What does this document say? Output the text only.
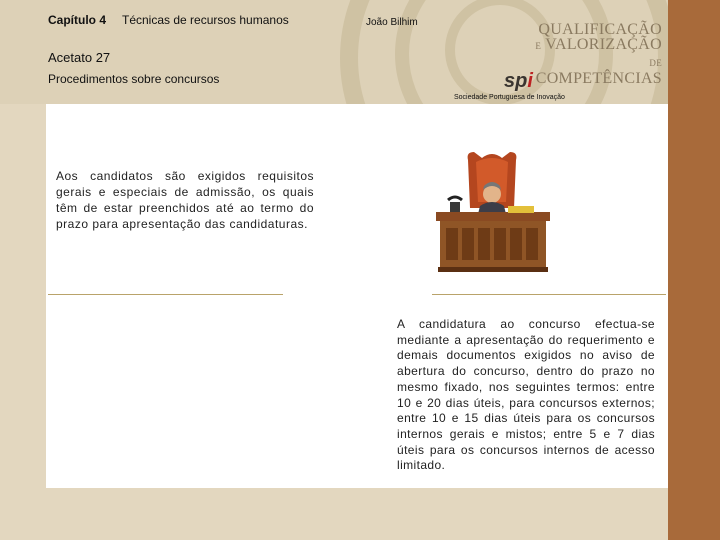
Capítulo 4 Técnicas de recursos humanos	João Bilhim
Acetato 27
Procedimentos sobre concursos
QUALIFICAÇÃO
E VALORIZAÇÃO
DE COMPETÊNCIAS
spi
Sociedade Portuguesa de Inovação
Aos candidatos são exigidos requisitos gerais e especiais de admissão, os quais têm de estar preenchidos até ao termo do prazo para apresentação das candidaturas.
A candidatura ao concurso efectua-se mediante a apresentação do requerimento e demais documentos exigidos no aviso de abertura do concurso, dentro do prazo no mesmo fixado, nos seguintes termos: entre 10 e 20 dias úteis, para concursos externos; entre 10 e 15 dias úteis para os concursos internos gerais e mistos; entre 5 e 7 dias úteis para os concursos internos de acesso limitado.
